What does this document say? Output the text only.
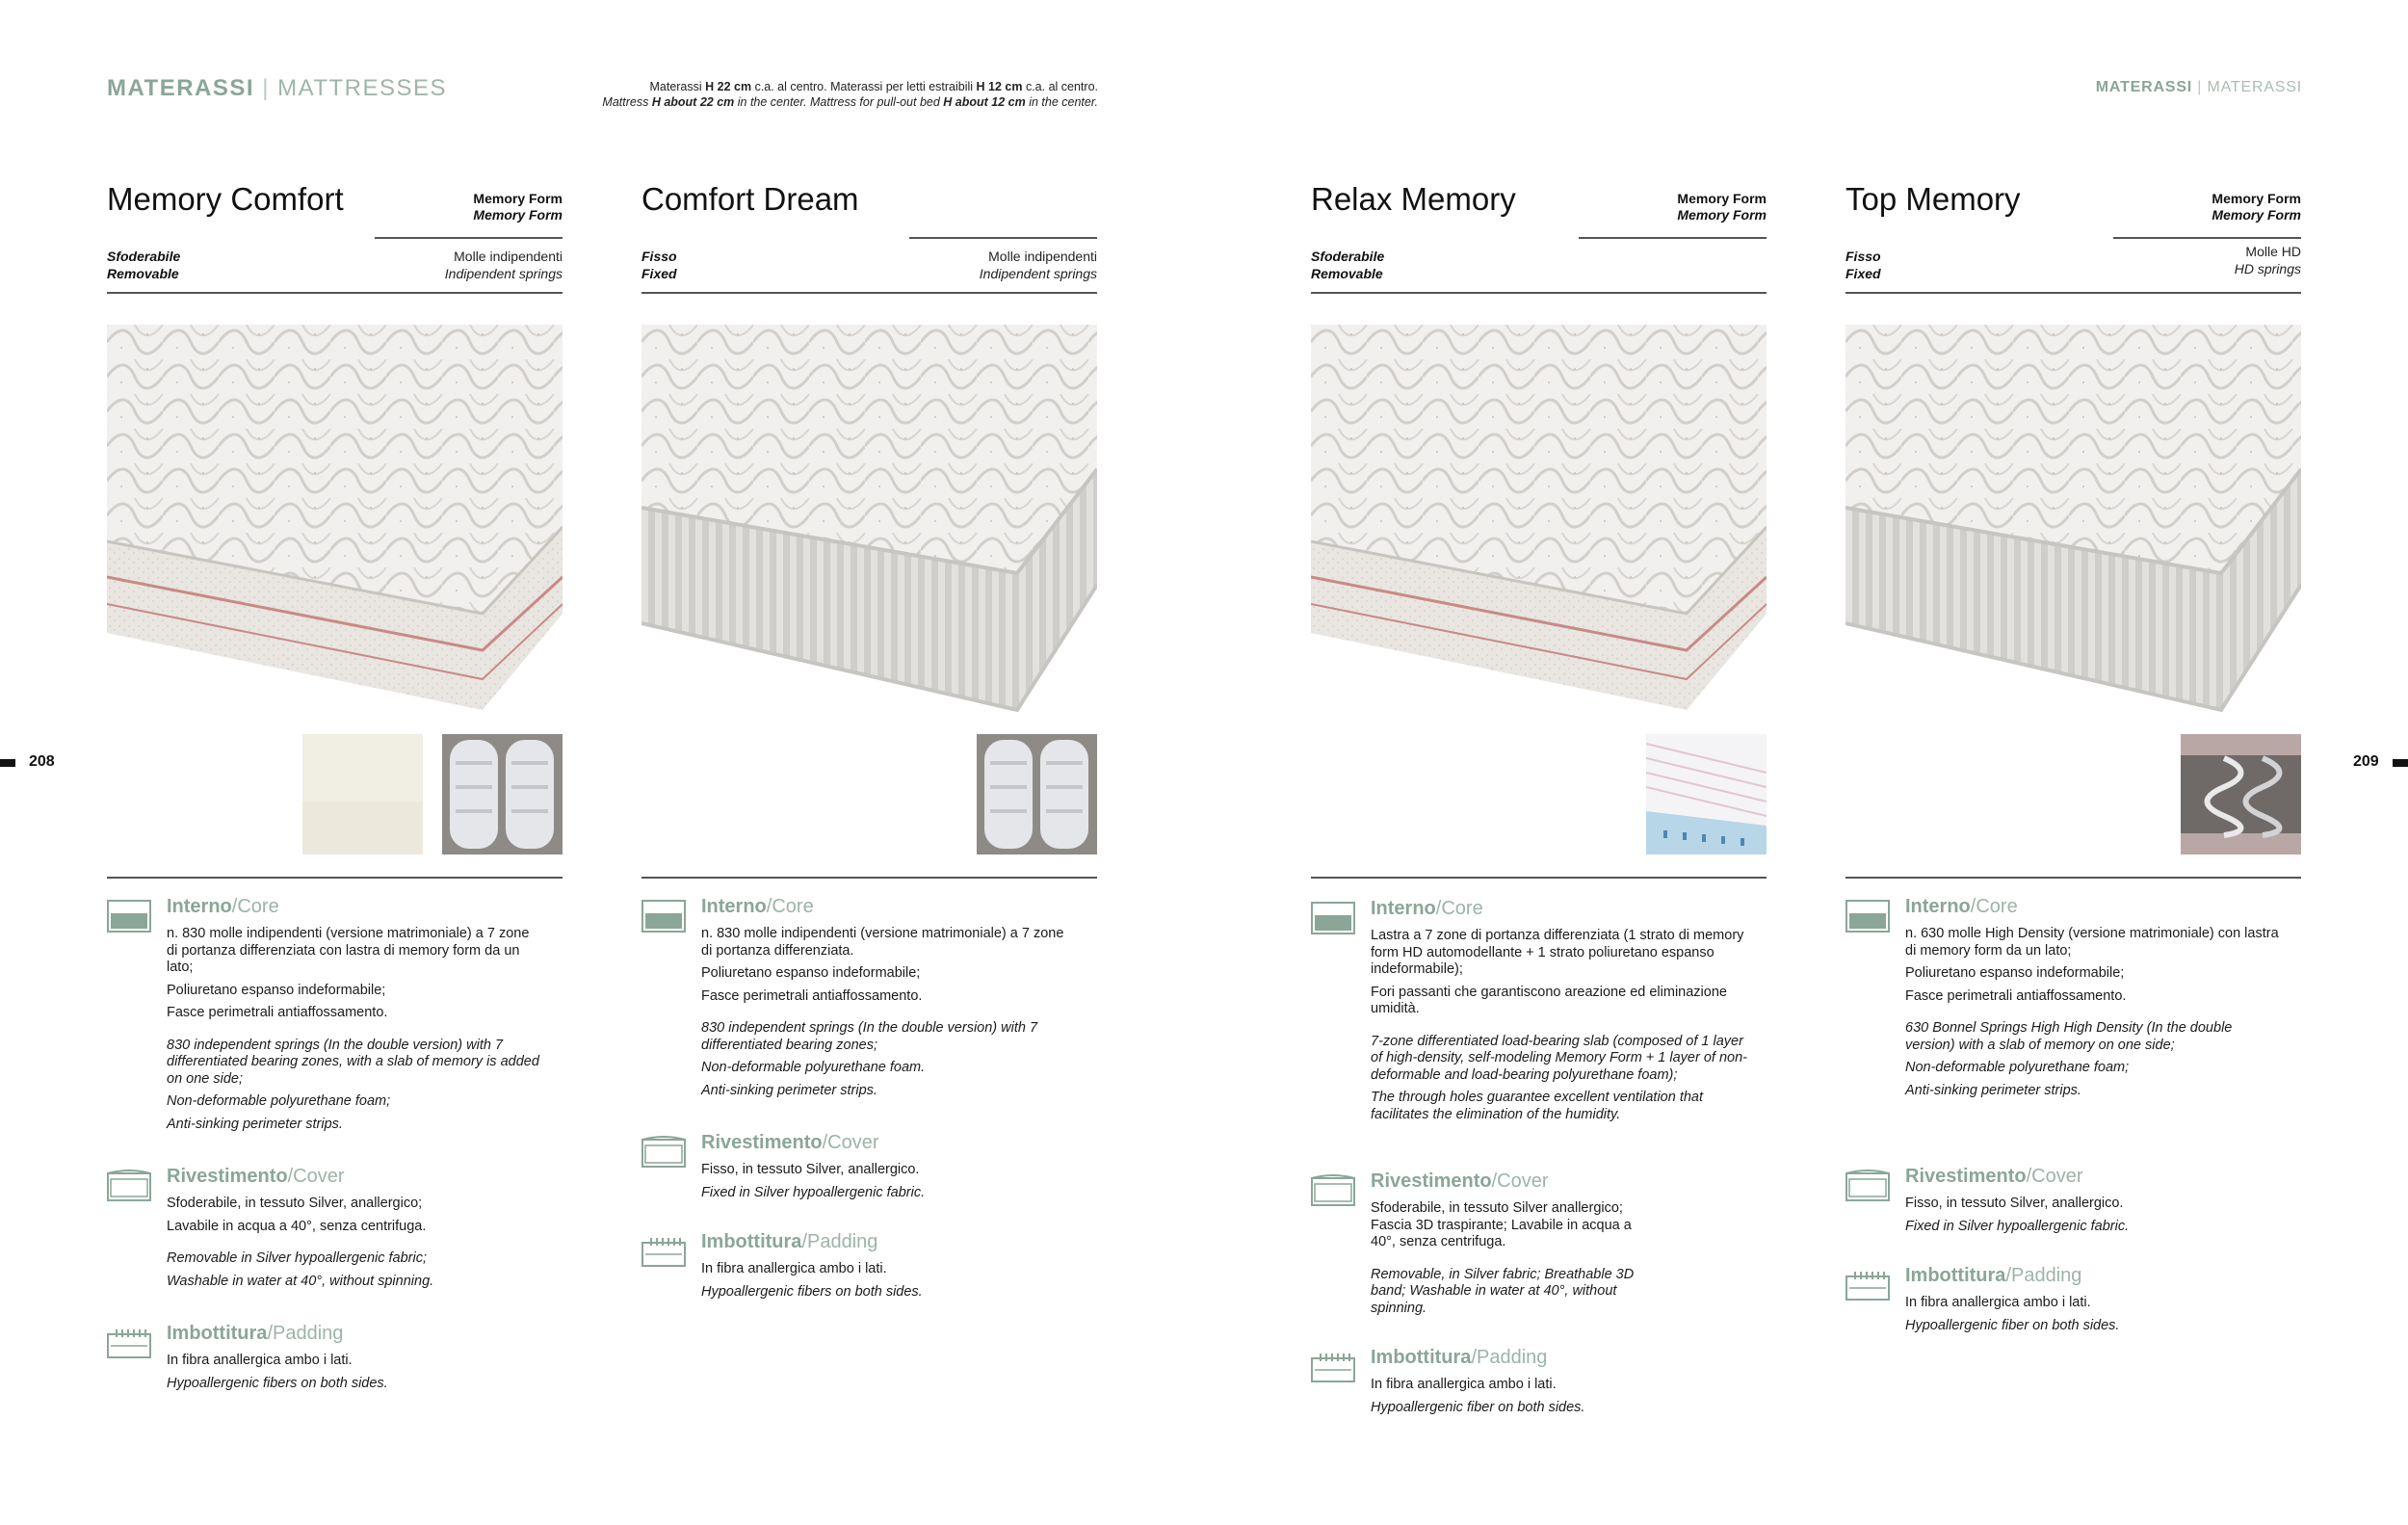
MATERASSI | MATTRESSES	Materassi H 22 cm c.a. al centro. Materassi per letti estraibili H 12 cm c.a. al centro.
Mattress H about 22 cm in the center. Mattress for pull-out bed H about 12 cm in the center.
MATERASSI | MATERASSI
208	209
Memory Comfort	Memory Form
Memory Form
Sfoderabile
Removable
Molle indipendenti
Indipendent springs
Interno/Core

n. 830 molle indipendenti (versione matrimoniale) a 7 zone di portanza differenziata con lastra di memory form da un lato;

Poliuretano espanso indeformabile;

Fasce perimetrali antiaffossamento.

830 independent springs (In the double version) with 7 differentiated bearing zones, with a slab of memory is added on one side;

Non-deformable polyurethane foam;

Anti-sinking perimeter strips.

Rivestimento/Cover

Sfoderabile, in tessuto Silver, anallergico;

Lavabile in acqua a 40°, senza centrifuga.

Removable in Silver hypoallergenic fabric;

Washable in water at 40°, without spinning.

Imbottitura/Padding

In fibra anallergica ambo i lati.

Hypoallergenic fibers on both sides.

Comfort Dream
Fisso
Fixed
Molle indipendenti
Indipendent springs
Interno/Core

n. 830 molle indipendenti (versione matrimoniale) a 7 zone di portanza differenziata.

Poliuretano espanso indeformabile;

Fasce perimetrali antiaffossamento.

830 independent springs (In the double version) with 7 differentiated bearing zones;

Non-deformable polyurethane foam.

Anti-sinking perimeter strips.

Rivestimento/Cover

Fisso, in tessuto Silver, anallergico.

Fixed in Silver hypoallergenic fabric.

Imbottitura/Padding

In fibra anallergica ambo i lati.

Hypoallergenic fibers on both sides.

Relax Memory	Memory Form
Memory Form
Sfoderabile
Removable
Interno/Core

Lastra a 7 zone di portanza differenziata (1 strato di memory form HD automodellante + 1 strato poliuretano espanso indeformabile);

Fori passanti che garantiscono areazione ed eliminazione umidità.

7-zone differentiated load-bearing slab (composed of 1 layer of high-density, self-modeling Memory Form + 1 layer of non-deformable and load-bearing polyurethane foam);

The through holes guarantee excellent ventilation that facilitates the elimination of the humidity.

Rivestimento/Cover

Sfoderabile, in tessuto Silver anallergico; Fascia 3D traspirante; Lavabile in acqua a 40°, senza centrifuga.

Removable, in Silver fabric; Breathable 3D band; Washable in water at 40°, without spinning.

Imbottitura/Padding

In fibra anallergica ambo i lati.

Hypoallergenic fiber on both sides.

Top Memory	Memory Form
Memory Form
Fisso
Fixed
Molle HD
HD springs
Interno/Core

n. 630 molle High Density (versione matrimoniale) con lastra di memory form da un lato;

Poliuretano espanso indeformabile;

Fasce perimetrali antiaffossamento.

630 Bonnel Springs High High Density (In the double version) with a slab of memory on one side;

Non-deformable polyurethane foam;

Anti-sinking perimeter strips.

Rivestimento/Cover

Fisso, in tessuto Silver, anallergico.

Fixed in Silver hypoallergenic fabric.

Imbottitura/Padding

In fibra anallergica ambo i lati.

Hypoallergenic fiber on both sides.
